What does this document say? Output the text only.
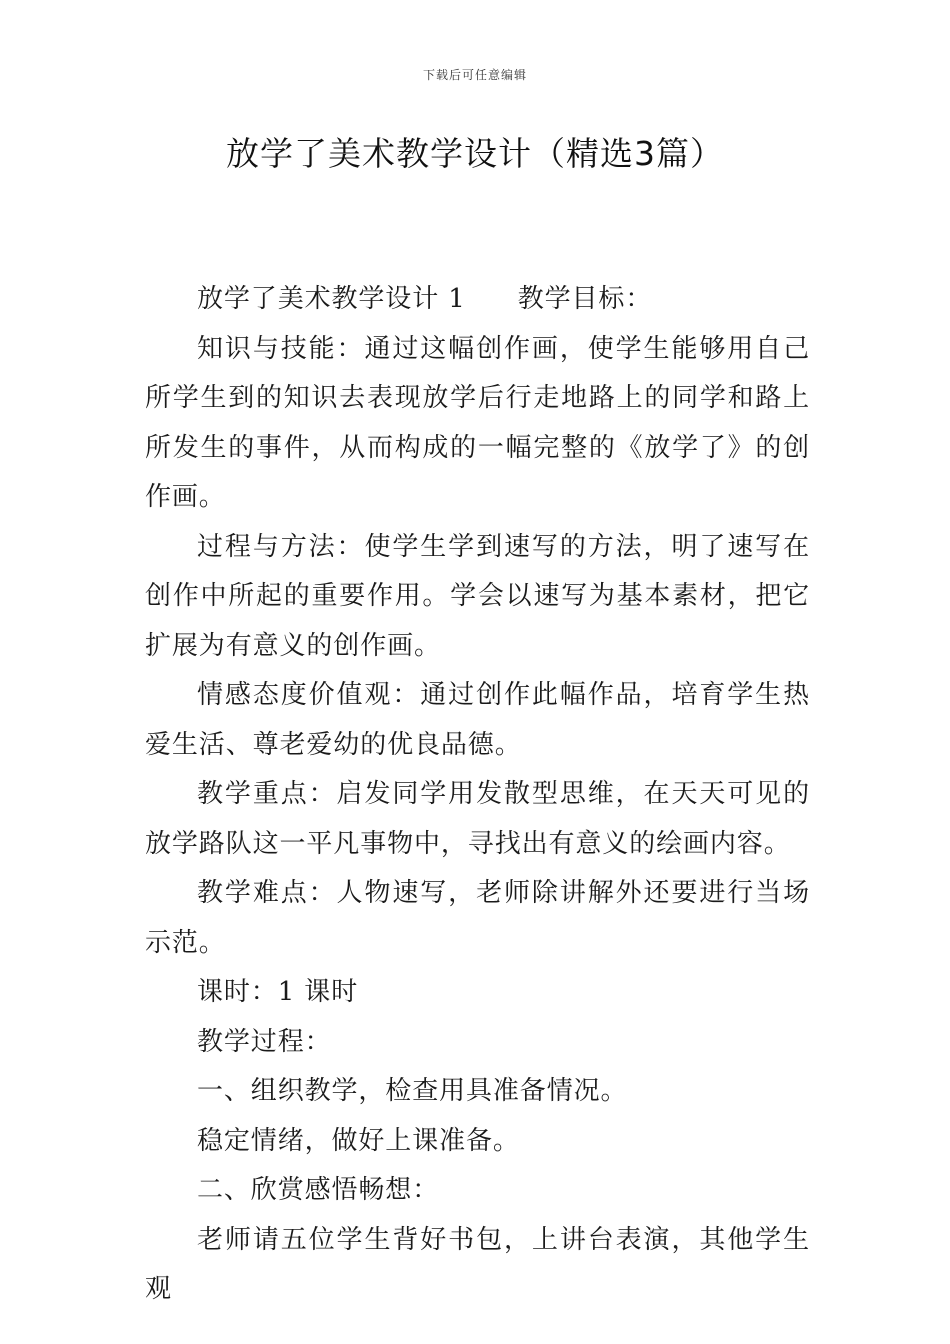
下载后可任意编辑
放学了美术教学设计（精选3篇）

放学了美术教学设计 1 教学目标：

知识与技能：通过这幅创作画，使学生能够用自己所学生到的知识去表现放学后行走地路上的同学和路上所发生的事件，从而构成的一幅完整的《放学了》的创作画。

过程与方法：使学生学到速写的方法，明了速写在创作中所起的重要作用。学会以速写为基本素材，把它扩展为有意义的创作画。

情感态度价值观：通过创作此幅作品，培育学生热爱生活、尊老爱幼的优良品德。

教学重点：启发同学用发散型思维，在天天可见的放学路队这一平凡事物中，寻找出有意义的绘画内容。

教学难点：人物速写，老师除讲解外还要进行当场示范。

课时：1 课时

教学过程：

一、组织教学，检查用具准备情况。

稳定情绪，做好上课准备。

二、欣赏感悟畅想：

老师请五位学生背好书包，上讲台表演，其他学生观
